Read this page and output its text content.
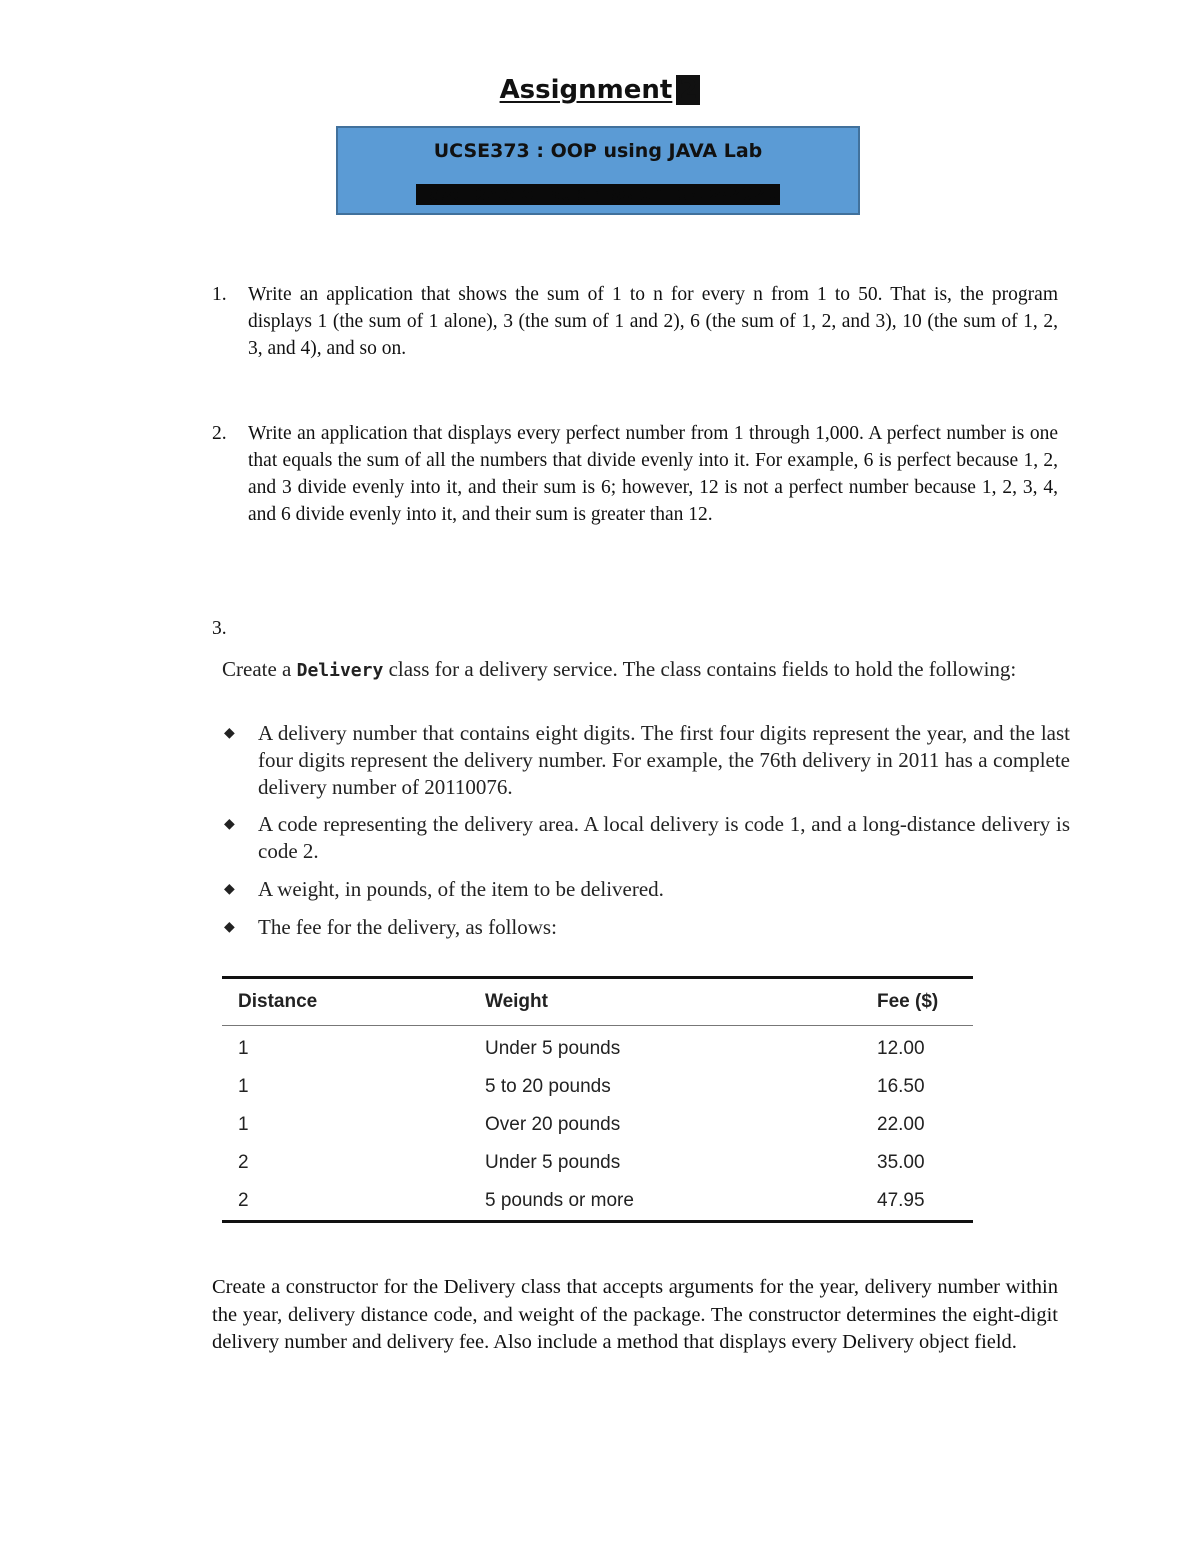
Assignment 2
UCSE373 : OOP using JAVA Lab
Last Date of Submission: 9/12/2021
1. Write an application that shows the sum of 1 to n for every n from 1 to 50. That is, the program displays 1 (the sum of 1 alone), 3 (the sum of 1 and 2), 6 (the sum of 1, 2, and 3), 10 (the sum of 1, 2, 3, and 4), and so on.
2. Write an application that displays every perfect number from 1 through 1,000. A perfect number is one that equals the sum of all the numbers that divide evenly into it. For example, 6 is perfect because 1, 2, and 3 divide evenly into it, and their sum is 6; however, 12 is not a perfect number because 1, 2, 3, 4, and 6 divide evenly into it, and their sum is greater than 12.
3.
Create a Delivery class for a delivery service. The class contains fields to hold the following:
◆ A delivery number that contains eight digits. The first four digits represent the year, and the last four digits represent the delivery number. For example, the 76th delivery in 2011 has a complete delivery number of 20110076.
◆ A code representing the delivery area. A local delivery is code 1, and a long-distance delivery is code 2.
◆ A weight, in pounds, of the item to be delivered.
◆ The fee for the delivery, as follows:
Distance	Weight	Fee ($)
1	Under 5 pounds	12.00
1	5 to 20 pounds	16.50
1	Over 20 pounds	22.00
2	Under 5 pounds	35.00
2	5 pounds or more	47.95
Create a constructor for the Delivery class that accepts arguments for the year, delivery number within the year, delivery distance code, and weight of the package. The constructor determines the eight-digit delivery number and delivery fee. Also include a method that displays every Delivery object field.
